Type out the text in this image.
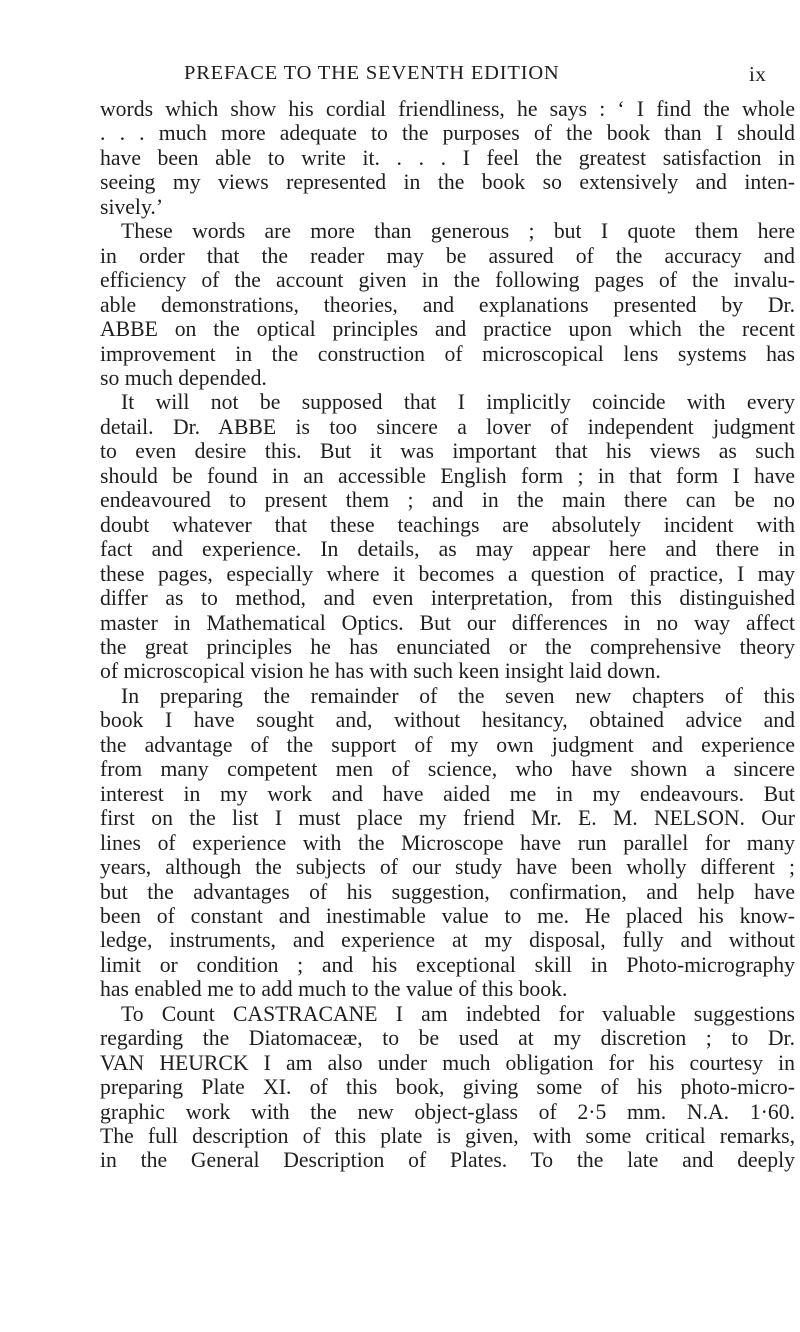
PREFACE TO THE SEVENTH EDITION	ix
words which show his cordial friendliness, he says : ‘ I find the whole
. . . much more adequate to the purposes of the book than I should
have been able to write it. . . . I feel the greatest satisfaction in
seeing my views represented in the book so extensively and inten-
sively.’
These words are more than generous ; but I quote them here
in order that the reader may be assured of the accuracy and
efficiency of the account given in the following pages of the invalu-
able demonstrations, theories, and explanations presented by Dr.
ABBE on the optical principles and practice upon which the recent
improvement in the construction of microscopical lens systems has
so much depended.
It will not be supposed that I implicitly coincide with every
detail. Dr. ABBE is too sincere a lover of independent judgment
to even desire this. But it was important that his views as such
should be found in an accessible English form ; in that form I have
endeavoured to present them ; and in the main there can be no
doubt whatever that these teachings are absolutely incident with
fact and experience. In details, as may appear here and there in
these pages, especially where it becomes a question of practice, I may
differ as to method, and even interpretation, from this distinguished
master in Mathematical Optics. But our differences in no way affect
the great principles he has enunciated or the comprehensive theory
of microscopical vision he has with such keen insight laid down.
In preparing the remainder of the seven new chapters of this
book I have sought and, without hesitancy, obtained advice and
the advantage of the support of my own judgment and experience
from many competent men of science, who have shown a sincere
interest in my work and have aided me in my endeavours. But
first on the list I must place my friend Mr. E. M. NELSON. Our
lines of experience with the Microscope have run parallel for many
years, although the subjects of our study have been wholly different ;
but the advantages of his suggestion, confirmation, and help have
been of constant and inestimable value to me. He placed his know-
ledge, instruments, and experience at my disposal, fully and without
limit or condition ; and his exceptional skill in Photo-micrography
has enabled me to add much to the value of this book.
To Count CASTRACANE I am indebted for valuable suggestions
regarding the Diatomaceæ, to be used at my discretion ; to Dr.
VAN HEURCK I am also under much obligation for his courtesy in
preparing Plate XI. of this book, giving some of his photo-micro-
graphic work with the new object-glass of 2·5 mm. N.A. 1·60.
The full description of this plate is given, with some critical remarks,
in the General Description of Plates. To the late and deeply
